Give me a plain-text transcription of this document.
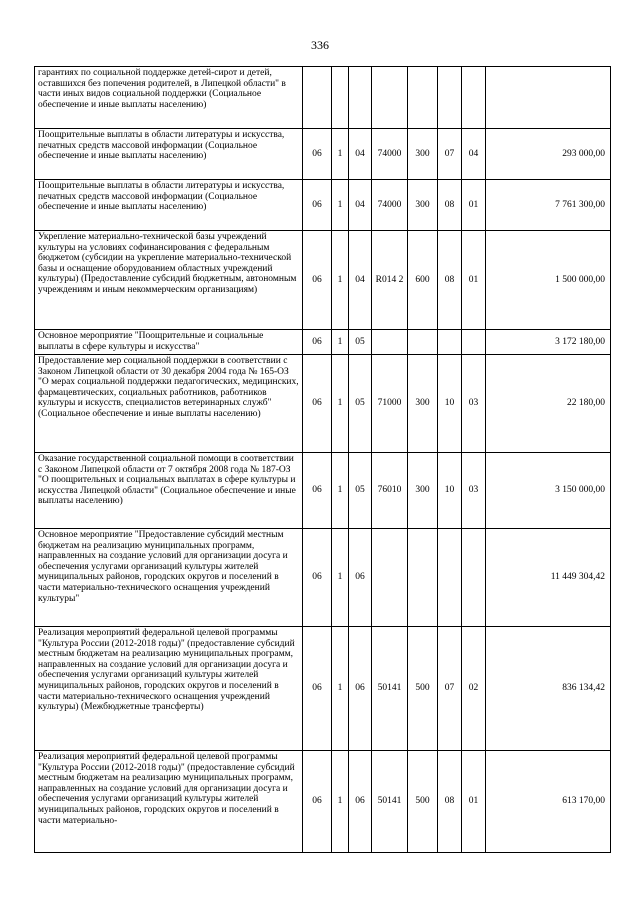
336
гарантиях по социальной поддержке детей-сирот и детей, оставшихся без попечения родителей, в Липецкой области" в части иных видов социальной поддержки (Социальное обеспечение и иные выплаты населению)								
Поощрительные выплаты в области литературы и искусства, печатных средств массовой информации (Социальное обеспечение и иные выплаты населению)	06	1	04	74000	300	07	04	293 000,00
Поощрительные выплаты в области литературы и искусства, печатных средств массовой информации (Социальное обеспечение и иные выплаты населению)	06	1	04	74000	300	08	01	7 761 300,00
Укрепление материально-технической базы учреждений культуры на условиях софинансирования с федеральным бюджетом (субсидии на укрепление материально-технической базы и оснащение оборудованием областных учреждений культуры) (Предоставление субсидий бюджетным, автономным учреждениям и иным некоммерческим организациям)	06	1	04	R014 2	600	08	01	1 500 000,00
Основное мероприятие "Поощрительные и социальные выплаты в сфере культуры и искусства"	06	1	05					3 172 180,00
Предоставление мер социальной поддержки в соответствии с Законом Липецкой области от 30 декабря 2004 года № 165-ОЗ "О мерах социальной поддержки педагогических, медицинских, фармацевтических, социальных работников, работников культуры и искусств, специалистов ветеринарных служб" (Социальное обеспечение и иные выплаты населению)	06	1	05	71000	300	10	03	22 180,00
Оказание государственной социальной помощи в соответствии с Законом Липецкой области от 7 октября 2008 года № 187-ОЗ "О поощрительных и социальных выплатах в сфере культуры и искусства Липецкой области" (Социальное обеспечение и иные выплаты населению)	06	1	05	76010	300	10	03	3 150 000,00
Основное мероприятие "Предоставление субсидий местным бюджетам на реализацию муниципальных программ, направленных на создание условий для организации досуга и обеспечения услугами организаций культуры жителей муниципальных районов, городских округов и поселений в части материально-технического оснащения учреждений культуры"	06	1	06					11 449 304,42
Реализация мероприятий федеральной целевой программы "Культура России (2012-2018 годы)" (предоставление субсидий местным бюджетам на реализацию муниципальных программ, направленных на создание условий для организации досуга и обеспечения услугами организаций культуры жителей муниципальных районов, городских округов и поселений в части материально-технического оснащения учреждений культуры) (Межбюджетные трансферты)	06	1	06	50141	500	07	02	836 134,42
Реализация мероприятий федеральной целевой программы "Культура России (2012-2018 годы)" (предоставление субсидий местным бюджетам на реализацию муниципальных программ, направленных на создание условий для организации досуга и обеспечения услугами организаций культуры жителей муниципальных районов, городских округов и поселений в части материально-	06	1	06	50141	500	08	01	613 170,00
